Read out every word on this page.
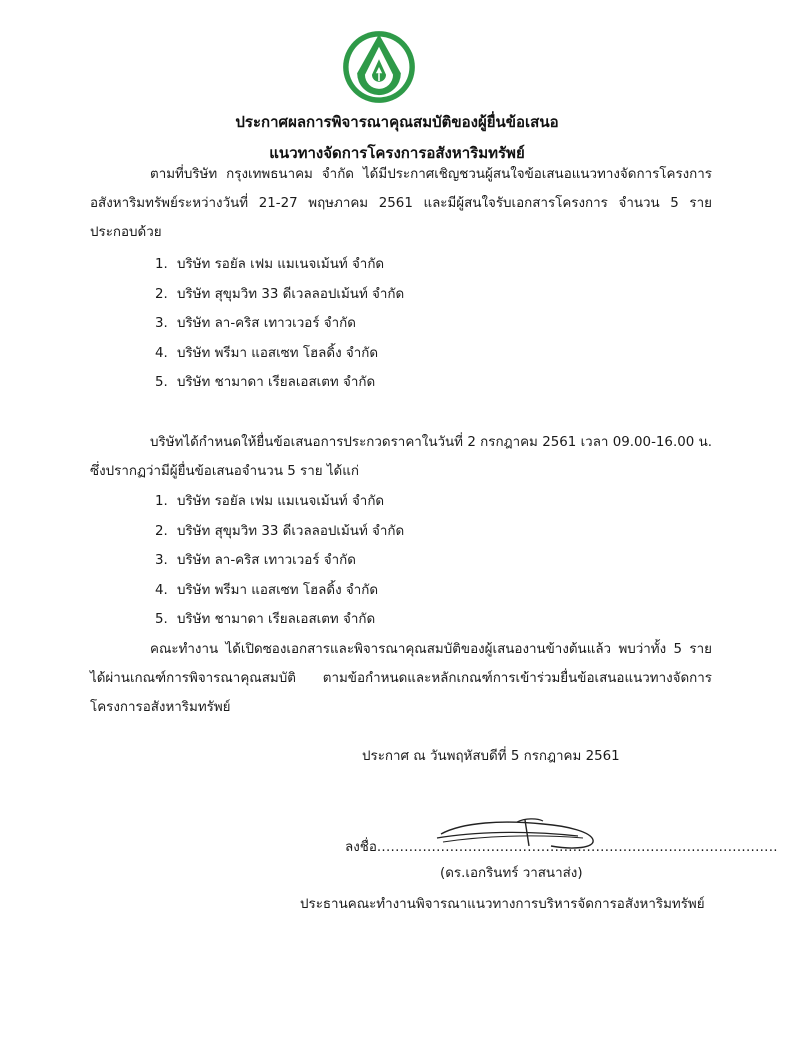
ประกาศผลการพิจารณาคุณสมบัติของผู้ยื่นข้อเสนอ
แนวทางจัดการโครงการอสังหาริมทรัพย์
ตามที่บริษัท กรุงเทพธนาคม จำกัด ได้มีประกาศเชิญชวนผู้สนใจข้อเสนอแนวทางจัดการโครงการอสังหาริมทรัพย์ระหว่างวันที่ 21-27 พฤษภาคม 2561 และมีผู้สนใจรับเอกสารโครงการ จำนวน 5 ราย ประกอบด้วย
1. บริษัท รอยัล เฟม แมเนจเม้นท์ จำกัด
2. บริษัท สุขุมวิท 33 ดีเวลลอปเม้นท์ จำกัด
3. บริษัท ลา-คริส เทาวเวอร์ จำกัด
4. บริษัท พรีมา แอสเซท โฮลดิ้ง จำกัด
5. บริษัท ชามาดา เรียลเอสเตท จำกัด
บริษัทได้กำหนดให้ยื่นข้อเสนอการประกวดราคาในวันที่ 2 กรกฎาคม 2561 เวลา 09.00-16.00 น. ซึ่งปรากฏว่ามีผู้ยื่นข้อเสนอจำนวน 5 ราย ได้แก่
1. บริษัท รอยัล เฟม แมเนจเม้นท์ จำกัด
2. บริษัท สุขุมวิท 33 ดีเวลลอปเม้นท์ จำกัด
3. บริษัท ลา-คริส เทาวเวอร์ จำกัด
4. บริษัท พรีมา แอสเซท โฮลดิ้ง จำกัด
5. บริษัท ชามาดา เรียลเอสเตท จำกัด
คณะทำงาน ได้เปิดซองเอกสารและพิจารณาคุณสมบัติของผู้เสนองานข้างต้นแล้ว พบว่าทั้ง 5 รายได้ผ่านเกณฑ์การพิจารณาคุณสมบัติ ตามข้อกำหนดและหลักเกณฑ์การเข้าร่วมยื่นข้อเสนอแนวทางจัดการโครงการอสังหาริมทรัพย์
ประกาศ ณ วันพฤหัสบดีที่ 5 กรกฎาคม 2561
ลงชื่อ........................................................................................
(ดร.เอกรินทร์ วาสนาส่ง)
ประธานคณะทำงานพิจารณาแนวทางการบริหารจัดการอสังหาริมทรัพย์
